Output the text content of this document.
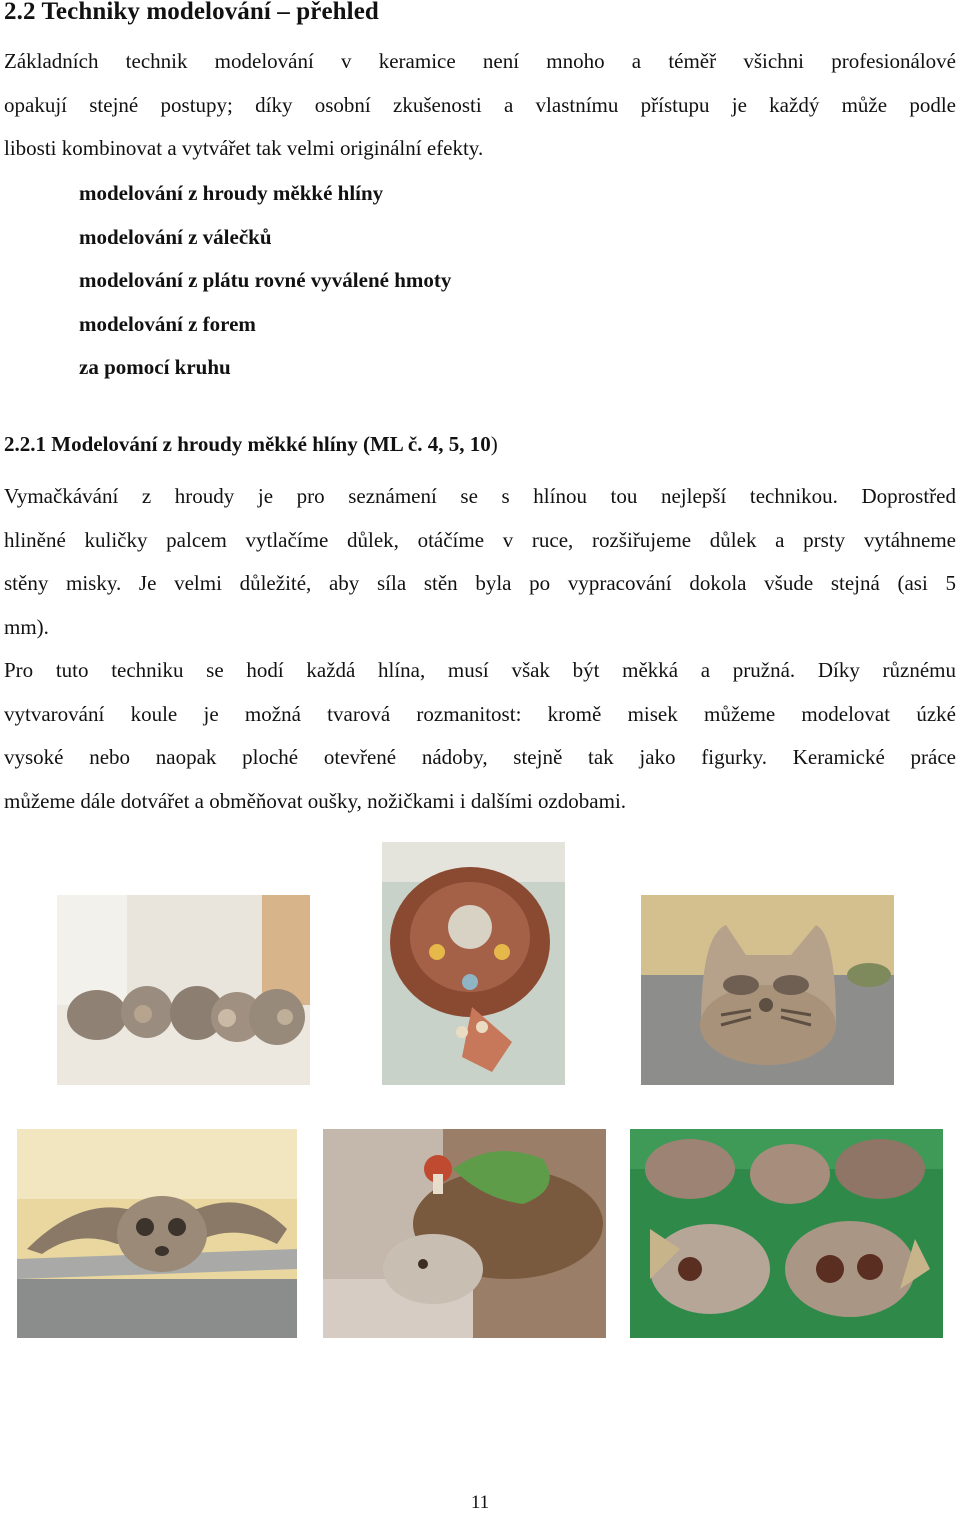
2.2 Techniky modelování – přehled
Základních technik modelování v keramice není mnoho a téměř všichni profesionálové
opakují stejné postupy; díky osobní zkušenosti a vlastnímu přístupu je každý může podle
libosti kombinovat a vytvářet tak velmi originální efekty.
modelování z hroudy měkké hlíny
modelování z válečků
modelování z plátu rovné vyválené hmoty
modelování z forem
za pomocí kruhu
2.2.1 Modelování z hroudy měkké hlíny (ML č. 4, 5, 10)
Vymačkávání z hroudy je pro seznámení se s hlínou tou nejlepší technikou. Doprostřed
hliněné kuličky palcem vytlačíme důlek, otáčíme v ruce, rozšiřujeme důlek a prsty vytáhneme
stěny misky. Je velmi důležité, aby síla stěn byla po vypracování dokola všude stejná (asi 5
mm).
Pro tuto techniku se hodí každá hlína, musí však být měkká a pružná. Díky různému
vytvarování koule je možná tvarová rozmanitost: kromě misek můžeme modelovat úzké
vysoké nebo naopak ploché otevřené nádoby, stejně tak jako figurky. Keramické práce
můžeme dále dotvářet a obměňovat oušky, nožičkami i dalšími ozdobami.
11
